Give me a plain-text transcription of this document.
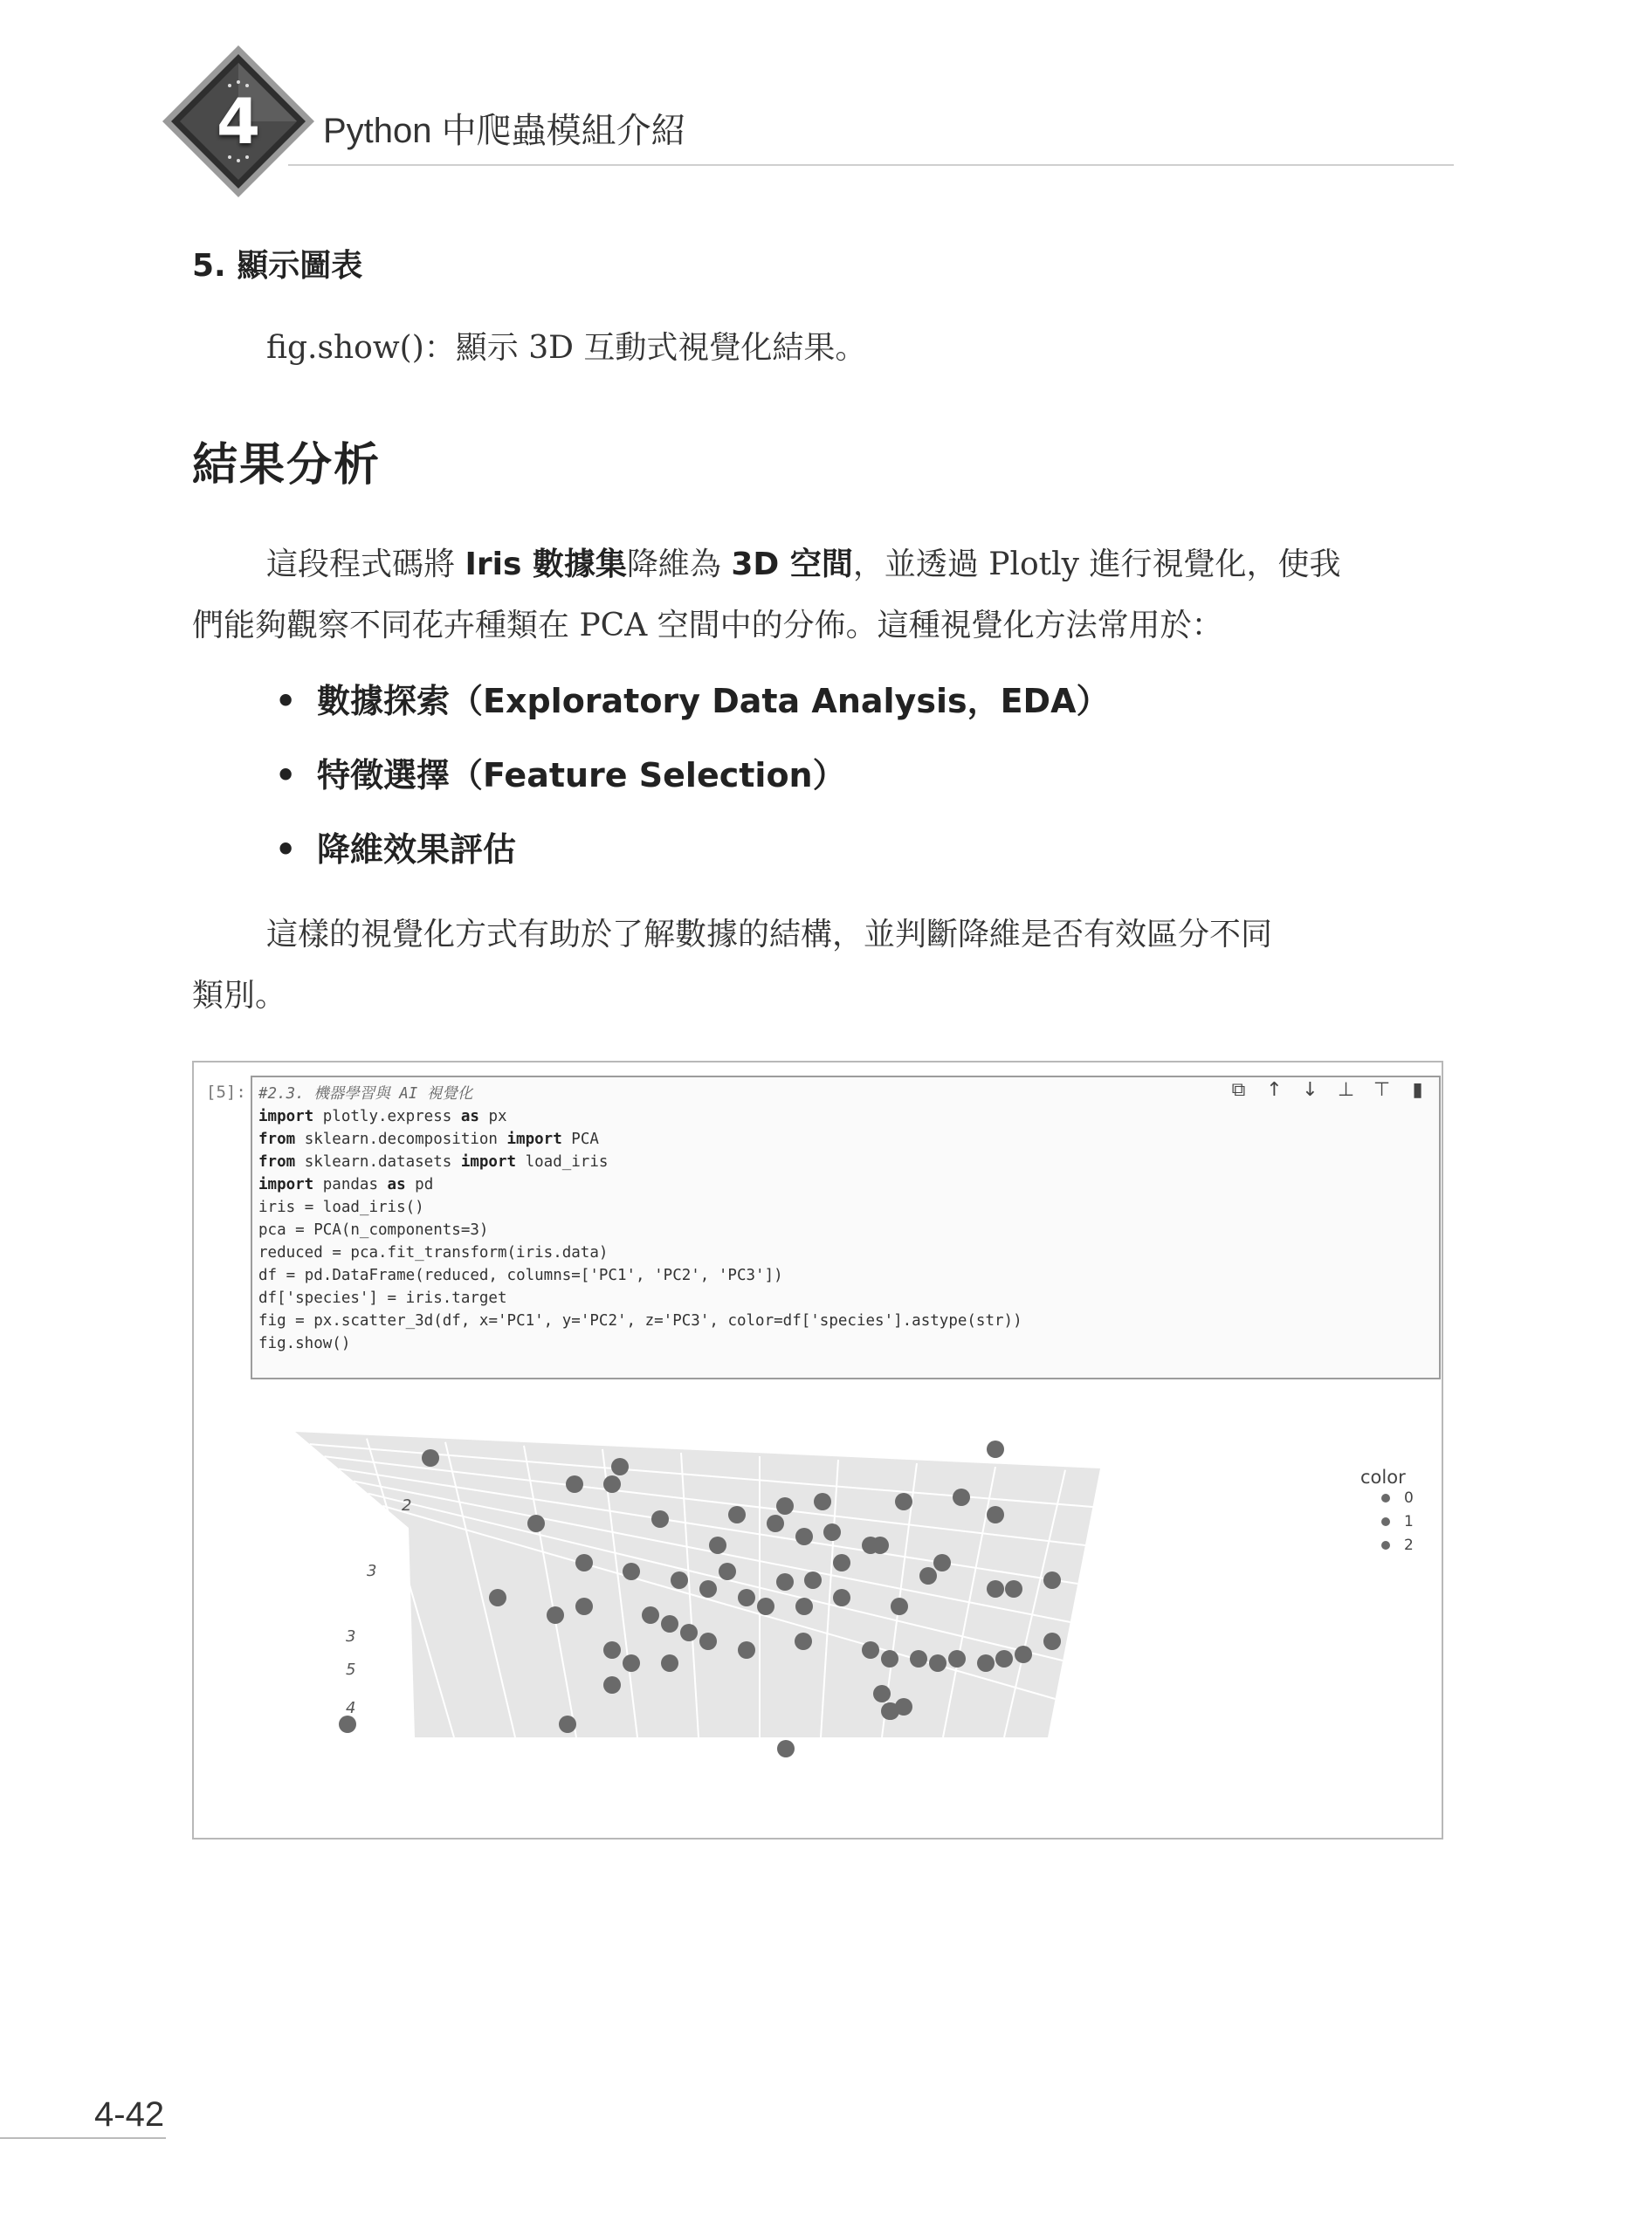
4	Python 中爬蟲模組介紹
5. 顯示圖表
fig.show()：顯示 3D 互動式視覺化結果。
結果分析
這段程式碼將 Iris 數據集降維為 3D 空間，並透過 Plotly 進行視覺化，使我
們能夠觀察不同花卉種類在 PCA 空間中的分佈。這種視覺化方法常用於：
• 數據探索（Exploratory Data Analysis，EDA）
• 特徵選擇（Feature Selection）
• 降維效果評估
這樣的視覺化方式有助於了解數據的結構，並判斷降維是否有效區分不同
類別。
[5]: #2.3. 機器學習與 AI 視覺化
import plotly.express as px
from sklearn.decomposition import PCA
from sklearn.datasets import load_iris
import pandas as pd
iris = load_iris()
pca = PCA(n_components=3)
reduced = pca.fit_transform(iris.data)
df = pd.DataFrame(reduced, columns=['PC1', 'PC2', 'PC3'])
df['species'] = iris.target
fig = px.scatter_3d(df, x='PC1', y='PC2', z='PC3', color=df['species'].astype(str))
fig.show()
⧉ ↑ ↓ ⊥ ⊤	▮
2
3
3
5
4
color
0
1
2
4-42
